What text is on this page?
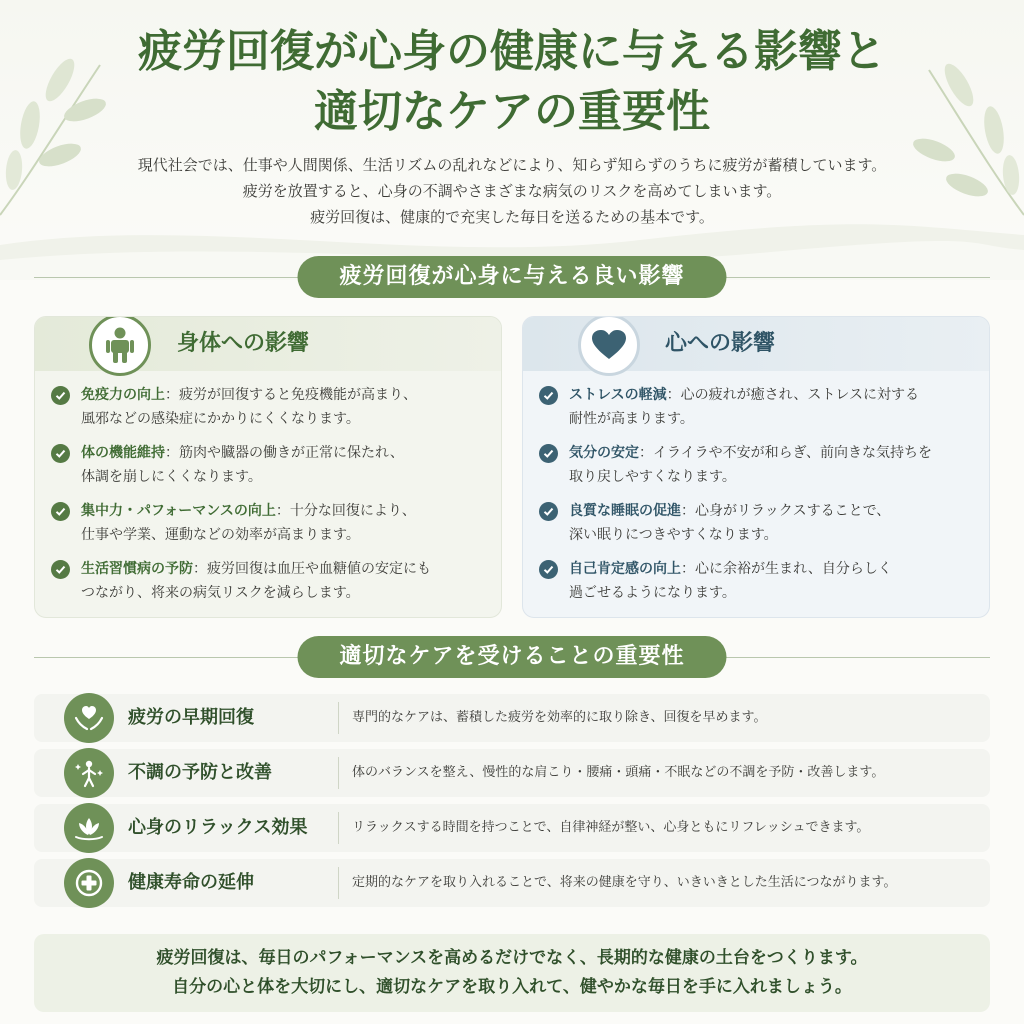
疲労回復が心身の健康に与える影響と
適切なケアの重要性
現代社会では、仕事や人間関係、生活リズムの乱れなどにより、知らず知らずのうちに疲労が蓄積しています。
疲労を放置すると、心身の不調やさまざまな病気のリスクを高めてしまいます。
疲労回復は、健康的で充実した毎日を送るための基本です。
疲労回復が心身に与える良い影響
身体への影響
免疫力の向上：疲労が回復すると免疫機能が高まり、
風邪などの感染症にかかりにくくなります。
体の機能維持：筋肉や臓器の働きが正常に保たれ、
体調を崩しにくくなります。
集中力・パフォーマンスの向上：十分な回復により、
仕事や学業、運動などの効率が高まります。
生活習慣病の予防：疲労回復は血圧や血糖値の安定にも
つながり、将来の病気リスクを減らします。
心への影響
ストレスの軽減：心の疲れが癒され、ストレスに対する
耐性が高まります。
気分の安定：イライラや不安が和らぎ、前向きな気持ちを
取り戻しやすくなります。
良質な睡眠の促進：心身がリラックスすることで、
深い眠りにつきやすくなります。
自己肯定感の向上：心に余裕が生まれ、自分らしく
過ごせるようになります。
適切なケアを受けることの重要性
疲労の早期回復	専門的なケアは、蓄積した疲労を効率的に取り除き、回復を早めます。
不調の予防と改善	体のバランスを整え、慢性的な肩こり・腰痛・頭痛・不眠などの不調を予防・改善します。
心身のリラックス効果	リラックスする時間を持つことで、自律神経が整い、心身ともにリフレッシュできます。
健康寿命の延伸	定期的なケアを取り入れることで、将来の健康を守り、いきいきとした生活につながります。
疲労回復は、毎日のパフォーマンスを高めるだけでなく、長期的な健康の土台をつくります。
自分の心と体を大切にし、適切なケアを取り入れて、健やかな毎日を手に入れましょう。
